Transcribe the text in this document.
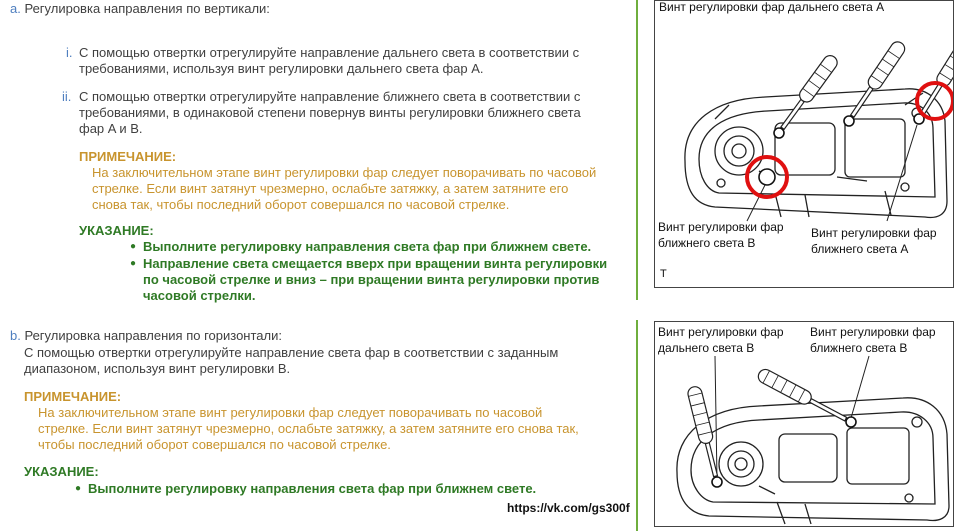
a. Регулировка направления по вертикали:
i. С помощью отвертки отрегулируйте направление дальнего света в соответствии с
требованиями, используя винт регулировки дальнего света фар A.
ii. С помощью отвертки отрегулируйте направление ближнего света в соответствии с
требованиями, в одинаковой степени повернув винты регулировки ближнего света
фар A и B.
ПРИМЕЧАНИЕ:
На заключительном этапе винт регулировки фар следует поворачивать по часовой
стрелке. Если винт затянут чрезмерно, ослабьте затяжку, а затем затяните его
снова так, чтобы последний оборот совершался по часовой стрелке.
УКАЗАНИЕ:
● Выполните регулировку направления света фар при ближнем свете.
● Направление света смещается вверх при вращении винта регулировки
по часовой стрелке и вниз – при вращении винта регулировки против
часовой стрелки.
Винт регулировки фар дальнего света A
Винт регулировки фар
ближнего света B
Винт регулировки фар
ближнего света A
T
b. Регулировка направления по горизонтали:
С помощью отвертки отрегулируйте направление света фар в соответствии с заданным
диапазоном, используя винт регулировки B.
ПРИМЕЧАНИЕ:
На заключительном этапе винт регулировки фар следует поворачивать по часовой
стрелке. Если винт затянут чрезмерно, ослабьте затяжку, а затем затяните его снова так,
чтобы последний оборот совершался по часовой стрелке.
УКАЗАНИЕ:
● Выполните регулировку направления света фар при ближнем свете.
Винт регулировки фар
дальнего света B
Винт регулировки фар
ближнего света B
https://vk.com/gs300f
